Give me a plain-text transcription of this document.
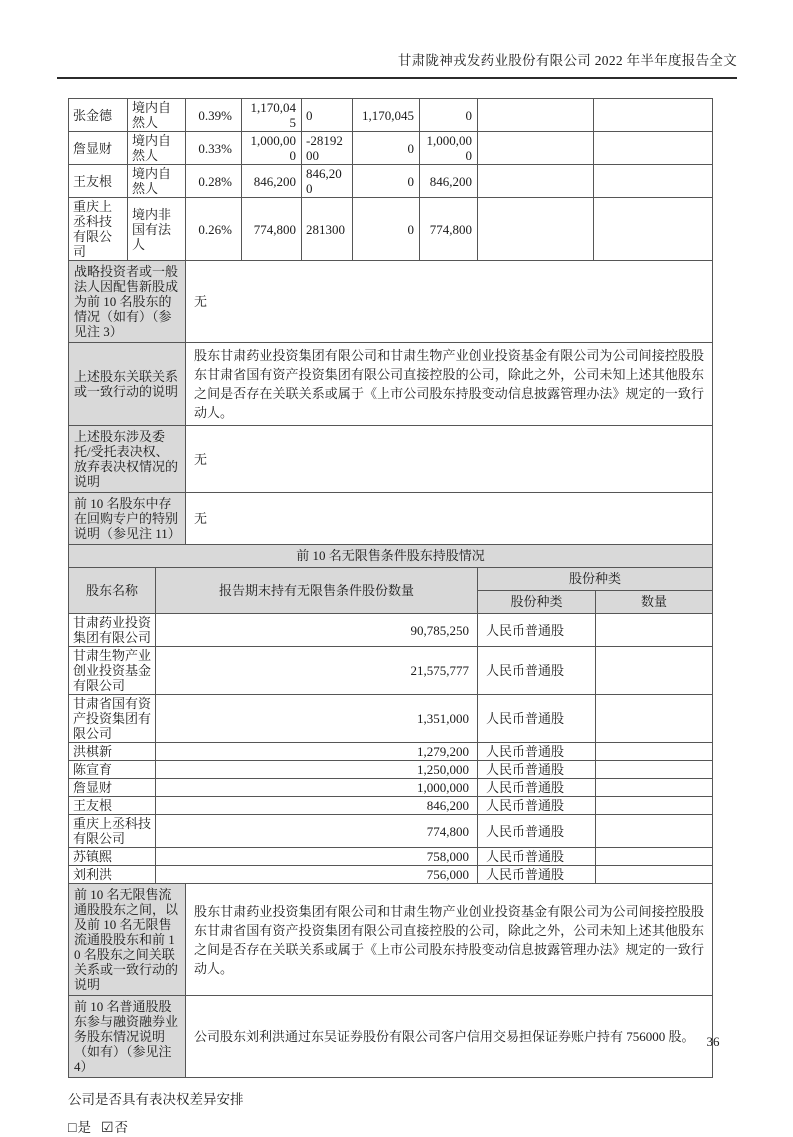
甘肃陇神戎发药业股份有限公司 2022 年半年度报告全文
张金德	境内自然人	0.39%	1,170,045	0	1,170,045	0		
詹显财	境内自然人	0.33%	1,000,000	-2819200	0	1,000,000		
王友根	境内自然人	0.28%	846,200	846,200	0	846,200		
重庆上丞科技有限公司	境内非国有法人	0.26%	774,800	281300	0	774,800		
战略投资者或一般法人因配售新股成为前 10 名股东的情况（如有）（参见注 3）		无						
上述股东关联关系或一致行动的说明		股东甘肃药业投资集团有限公司和甘肃生物产业创业投资基金有限公司为公司间接控股股东甘肃省国有资产投资集团有限公司直接控股的公司，除此之外，公司未知上述其他股东之间是否存在关联关系或属于《上市公司股东持股变动信息披露管理办法》规定的一致行动人。						
上述股东涉及委托/受托表决权、放弃表决权情况的说明		无						
前 10 名股东中存在回购专户的特别说明（参见注 11）		无						
前 10 名无限售条件股东持股情况				
股东名称	报告期末持有无限售条件股份数量		股份种类	
			股份种类	数量
甘肃药业投资集团有限公司	90,785,250		人民币普通股	
甘肃生物产业创业投资基金有限公司	21,575,777		人民币普通股	
甘肃省国有资产投资集团有限公司	1,351,000		人民币普通股	
洪棋新	1,279,200		人民币普通股	
陈宣育	1,250,000		人民币普通股	
詹显财	1,000,000		人民币普通股	
王友根	846,200		人民币普通股	
重庆上丞科技有限公司	774,800		人民币普通股	
苏镇熙	758,000		人民币普通股	
刘利洪	756,000		人民币普通股	
前 10 名无限售流通股股东之间，以及前 10 名无限售流通股股东和前 10 名股东之间关联关系或一致行动的说明		股东甘肃药业投资集团有限公司和甘肃生物产业创业投资基金有限公司为公司间接控股股东甘肃省国有资产投资集团有限公司直接控股的公司，除此之外，公司未知上述其他股东之间是否存在关联关系或属于《上市公司股东持股变动信息披露管理办法》规定的一致行动人。		
前 10 名普通股股东参与融资融券业务股东情况说明（如有）（参见注 4）		公司股东刘利洪通过东吴证券股份有限公司客户信用交易担保证券账户持有 756000 股。		
公司是否具有表决权差异安排
□是 ☑否
36
